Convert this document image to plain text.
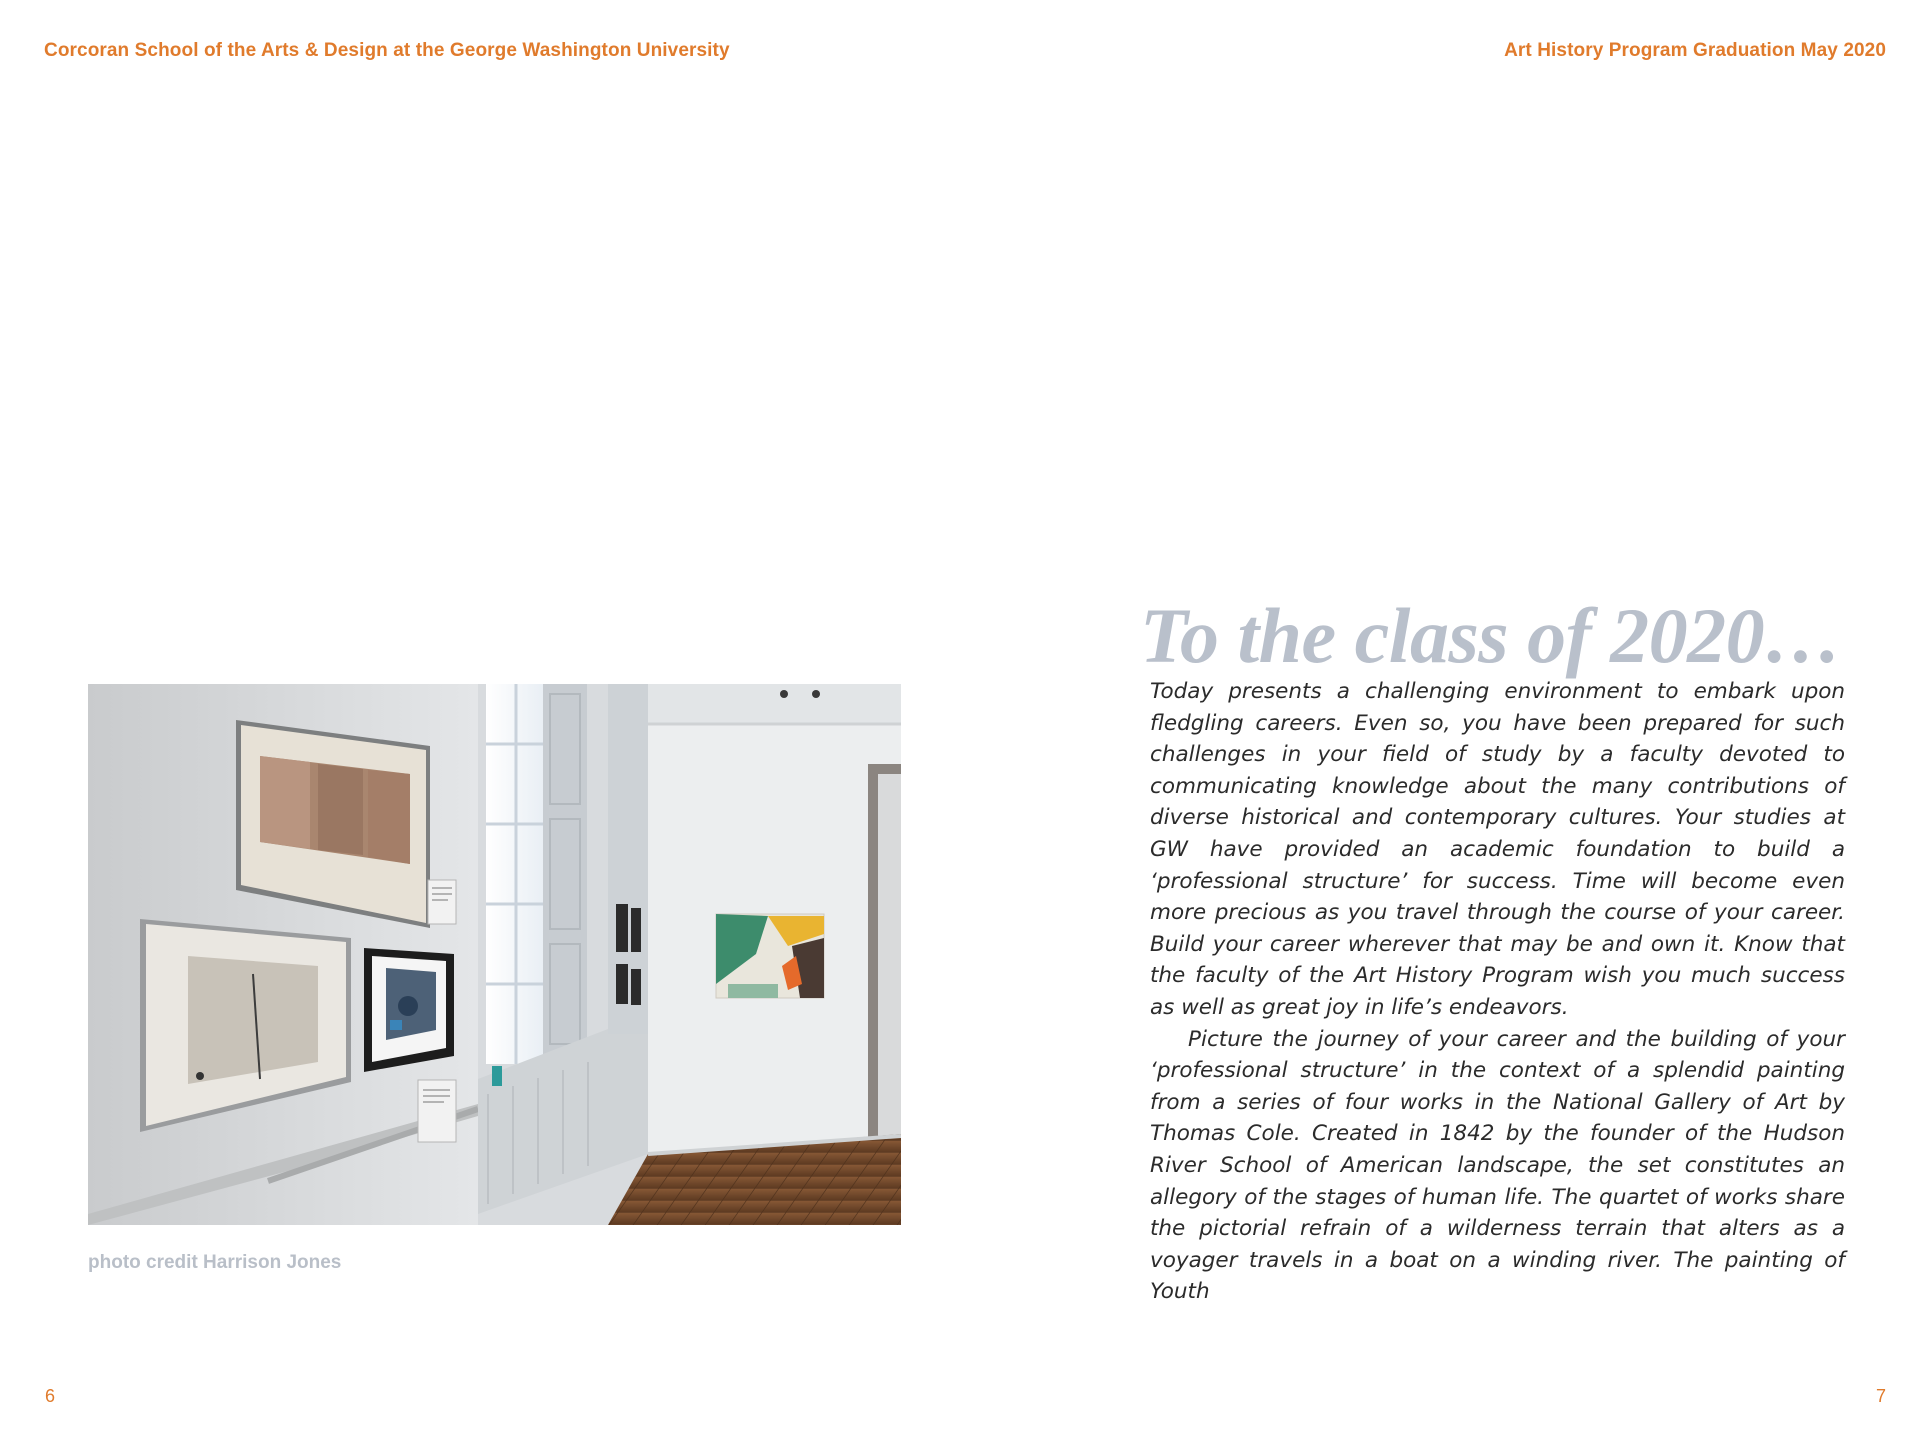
Corcoran School of the Arts & Design at the George Washington University	Art History Program Graduation May 2020
photo credit Harrison Jones
To the class of 2020…

Today presents a challenging environment to embark upon fledgling careers. Even so, you have been prepared for such challenges in your field of study by a faculty devoted to communicating knowledge about the many contributions of diverse historical and contemporary cultures. Your studies at GW have provided an academic foundation to build a ‘professional structure’ for success. Time will become even more precious as you travel through the course of your career. Build your career wherever that may be and own it. Know that the faculty of the Art History Program wish you much success as well as great joy in life’s endeavors.

Picture the journey of your career and the building of your ‘professional structure’ in the context of a splendid painting from a series of four works in the National Gallery of Art by Thomas Cole. Created in 1842 by the founder of the Hudson River School of American landscape, the set constitutes an allegory of the stages of human life. The quartet of works share the pictorial refrain of a wilderness terrain that alters as a voyager travels in a boat on a winding river. The painting of Youth

6	7
